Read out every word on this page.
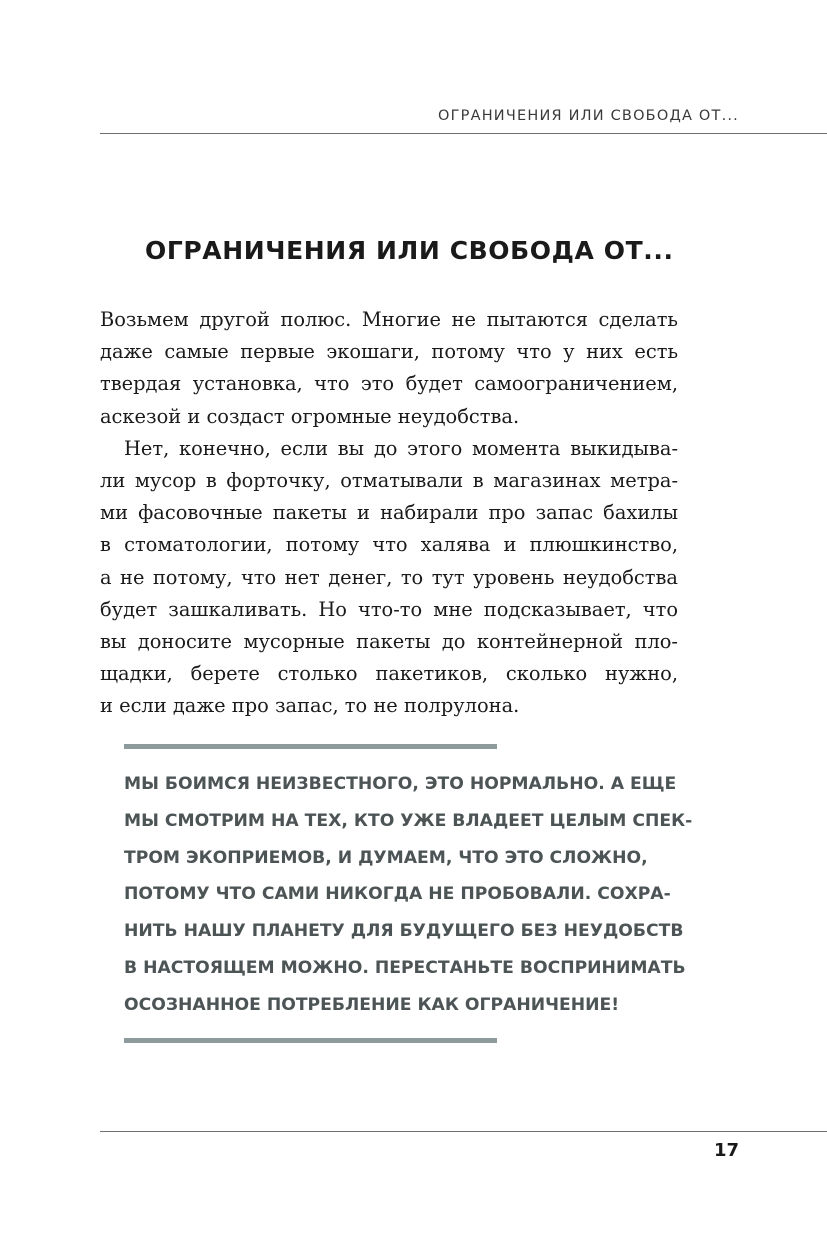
ОГРАНИЧЕНИЯ ИЛИ СВОБОДА ОТ...
ОГРАНИЧЕНИЯ ИЛИ СВОБОДА ОТ...
Возьмем другой полюс. Многие не пытаются сделать
даже самые первые экошаги, потому что у них есть
твердая установка, что это будет самоограничением,
аскезой и создаст огромные неудобства.
Нет, конечно, если вы до этого момента выкидыва-
ли мусор в форточку, отматывали в магазинах метра-
ми фасовочные пакеты и набирали про запас бахилы
в стоматологии, потому что халява и плюшкинство,
а не потому, что нет денег, то тут уровень неудобства
будет зашкаливать. Но что-то мне подсказывает, что
вы доносите мусорные пакеты до контейнерной пло-
щадки, берете столько пакетиков, сколько нужно,
и если даже про запас, то не полрулона.
МЫ БОИМСЯ НЕИЗВЕСТНОГО, ЭТО НОРМАЛЬНО. А ЕЩЕ
МЫ СМОТРИМ НА ТЕХ, КТО УЖЕ ВЛАДЕЕТ ЦЕЛЫМ СПЕК-
ТРОМ ЭКОПРИЕМОВ, И ДУМАЕМ, ЧТО ЭТО СЛОЖНО,
ПОТОМУ ЧТО САМИ НИКОГДА НЕ ПРОБОВАЛИ. СОХРА-
НИТЬ НАШУ ПЛАНЕТУ ДЛЯ БУДУЩЕГО БЕЗ НЕУДОБСТВ
В НАСТОЯЩЕМ МОЖНО. ПЕРЕСТАНЬТЕ ВОСПРИНИМАТЬ
ОСОЗНАННОЕ ПОТРЕБЛЕНИЕ КАК ОГРАНИЧЕНИЕ!
17
